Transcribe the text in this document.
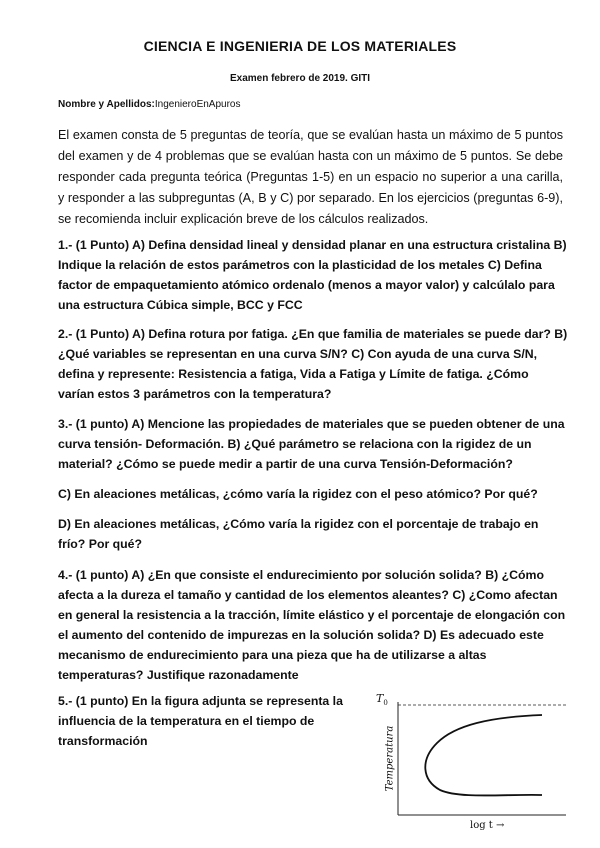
CIENCIA E INGENIERIA DE LOS MATERIALES
Examen febrero de 2019. GITI
Nombre y Apellidos:IngenieroEnApuros
El examen consta de 5 preguntas de teoría, que se evalúan hasta un máximo de 5 puntos del examen y de 4 problemas que se evalúan hasta con un máximo de 5 puntos. Se debe responder cada pregunta teórica (Preguntas 1-5) en un espacio no superior a una carilla, y responder a las subpreguntas (A, B y C) por separado. En los ejercicios (preguntas 6-9), se recomienda incluir explicación breve de los cálculos realizados.
1.- (1 Punto) A) Defina densidad lineal y densidad planar en una estructura cristalina B) Indique la relación de estos parámetros con la plasticidad de los metales C) Defina factor de empaquetamiento atómico ordenalo (menos a mayor valor) y calcúlalo para una estructura Cúbica simple, BCC y FCC
2.- (1 Punto) A) Defina rotura por fatiga. ¿En que familia de materiales se puede dar? B) ¿Qué variables se representan en una curva S/N? C) Con ayuda de una curva S/N, defina y represente: Resistencia a fatiga, Vida a Fatiga y Límite de fatiga. ¿Cómo varían estos 3 parámetros con la temperatura?
3.- (1 punto) A) Mencione las propiedades de materiales que se pueden obtener de una curva tensión- Deformación. B) ¿Qué parámetro se relaciona con la rigidez de un material? ¿Cómo se puede medir a partir de una curva Tensión-Deformación?
C) En aleaciones metálicas, ¿cómo varía la rigidez con el peso atómico? Por qué?
D) En aleaciones metálicas, ¿Cómo varía la rigidez con el porcentaje de trabajo en frío? Por qué?
4.- (1 punto) A) ¿En que consiste el endurecimiento por solución solida? B) ¿Cómo afecta a la dureza el tamaño y cantidad de los elementos aleantes? C) ¿Como afectan en general la resistencia a la tracción, límite elástico y el porcentaje de elongación con el aumento del contenido de impurezas en la solución solida? D) Es adecuado este mecanismo de endurecimiento para una pieza que ha de utilizarse a altas temperaturas? Justifique razonadamente
5.- (1 punto) En la figura adjunta se representa la influencia de la temperatura en el tiempo de transformación
$T_0$
Temperatura
log t →
